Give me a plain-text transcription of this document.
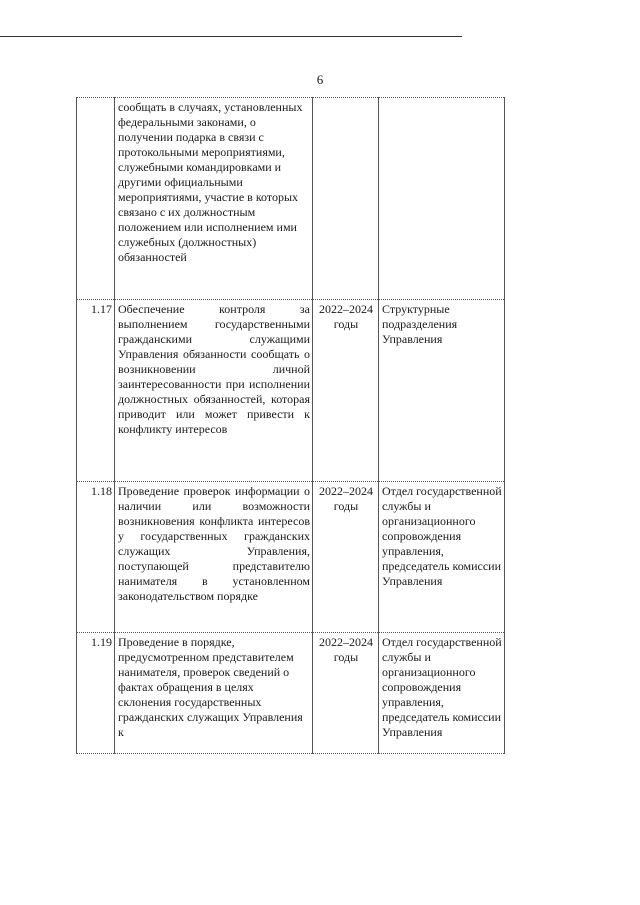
6
	сообщать в случаях, установленных федеральными законами, о получении подарка в связи с протокольными мероприятиями, служебными командировками и другими официальными мероприятиями, участие в которых связано с их должностным положением или исполнением ими служебных (должностных) обязанностей		
1.17	Обеспечение контроля за выполнением государственными гражданскими служащими Управления обязанности сообщать о возникновении личной заинтересованности при исполнении должностных обязанностей, которая приводит или может привести к конфликту интересов	2022–2024 годы	Структурные подразделения Управления
1.18	Проведение проверок информации о наличии или возможности возникновения конфликта интересов у государственных гражданских служащих Управления, поступающей представителю нанимателя в установленном законодательством порядке	2022–2024 годы	Отдел государственной службы и организационного сопровождения управления, председатель комиссии Управления
1.19	Проведение в порядке, предусмотренном представителем нанимателя, проверок сведений о фактах обращения в целях склонения государственных гражданских служащих Управления к	2022–2024 годы	Отдел государственной службы и организационного сопровождения управления, председатель комиссии Управления
